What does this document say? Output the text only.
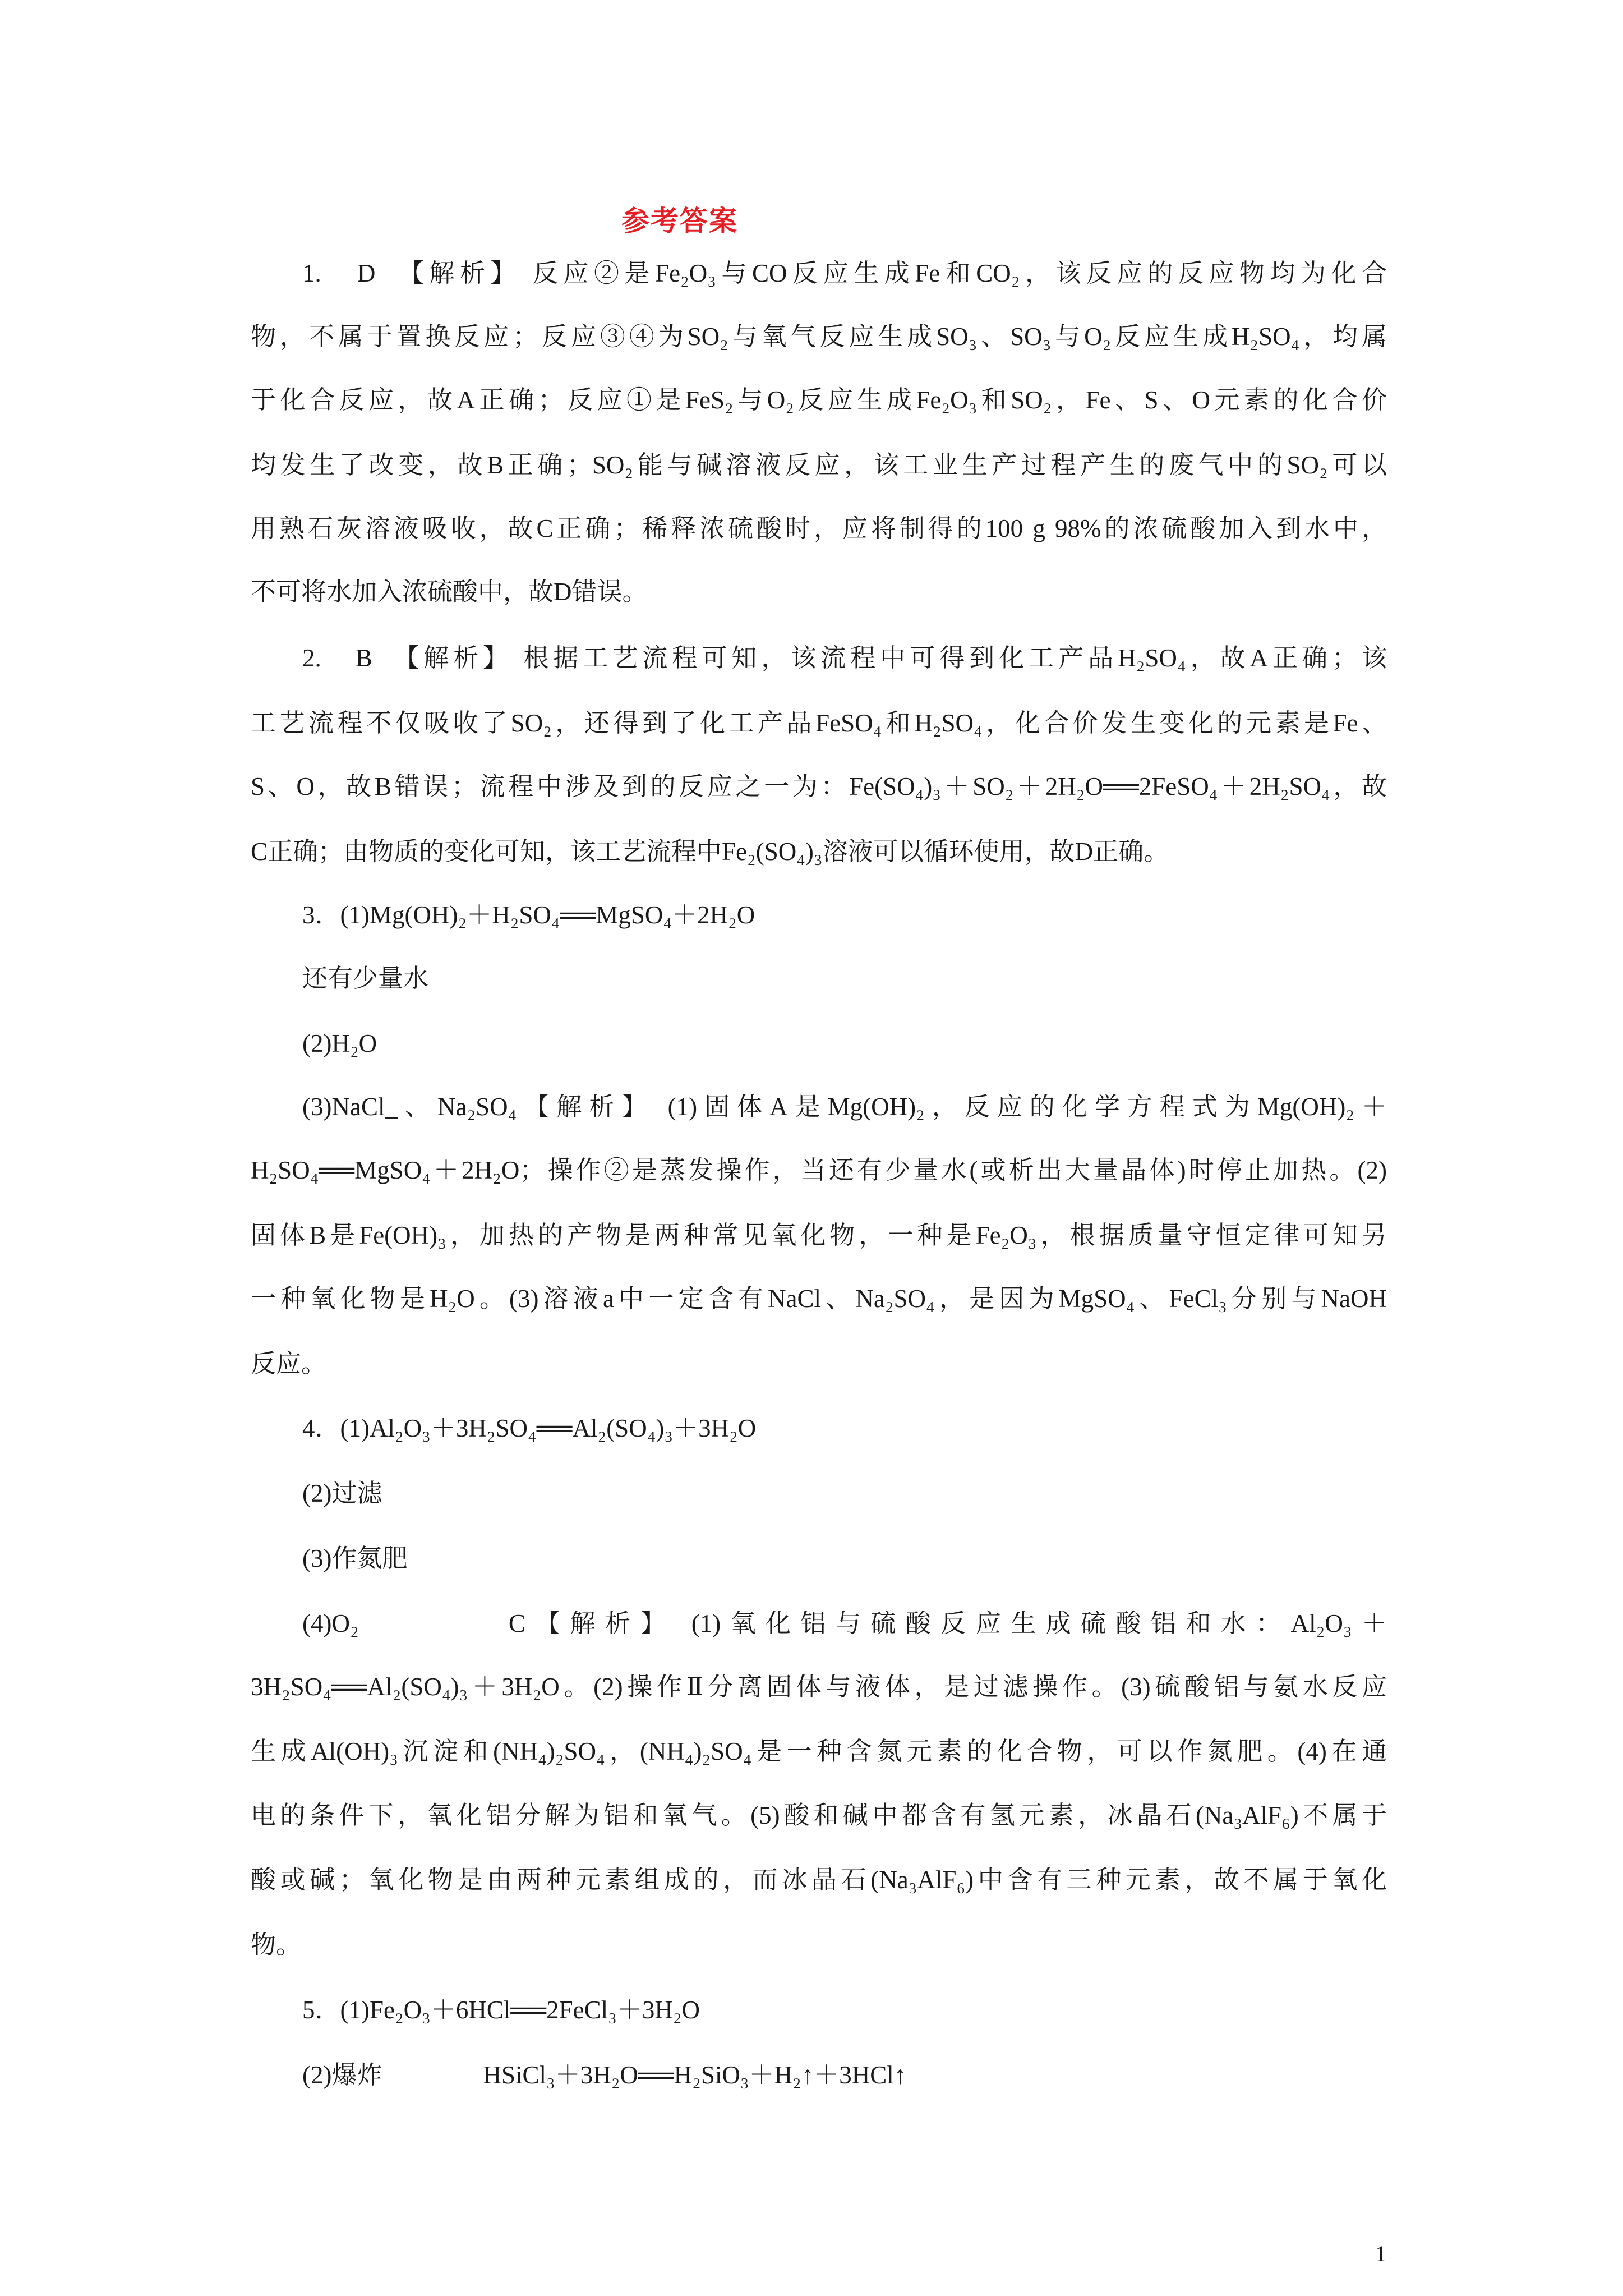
参考答案
1.　D　【解析】 反应②是Fe₂O₃与CO反应生成Fe和CO₂，该反应的反应物均为化合
物，不属于置换反应；反应③④为SO₂与氧气反应生成SO₃、SO₃与O₂反应生成H₂SO₄，均属
于化合反应，故A正确；反应①是FeS₂与O₂反应生成Fe₂O₃和SO₂，Fe、S、O元素的化合价
均发生了改变，故B正确；SO₂能与碱溶液反应，该工业生产过程产生的废气中的SO₂可以
用熟石灰溶液吸收，故C正确；稀释浓硫酸时，应将制得的100 g 98%的浓硫酸加入到水中，
不可将水加入浓硫酸中，故D错误。
2.　B　【解析】 根据工艺流程可知，该流程中可得到化工产品H₂SO₄，故A正确；该
工艺流程不仅吸收了SO₂，还得到了化工产品FeSO₄和H₂SO₄，化合价发生变化的元素是Fe、
S、O，故B错误；流程中涉及到的反应之一为：Fe(SO₄)₃＋SO₂＋2H₂O══2FeSO₄＋2H₂SO₄，故
C正确；由物质的变化可知，该工艺流程中Fe₂(SO₄)₃溶液可以循环使用，故D正确。
3．(1)Mg(OH)₂＋H₂SO₄══MgSO₄＋2H₂O
还有少量水
(2)H₂O
(3)NaCl_、Na₂SO₄【解析】 (1)固体A是Mg(OH)₂，反应的化学方程式为Mg(OH)₂＋
H₂SO₄══MgSO₄＋2H₂O；操作②是蒸发操作，当还有少量水(或析出大量晶体)时停止加热。(2)
固体B是Fe(OH)₃，加热的产物是两种常见氧化物，一种是Fe₂O₃，根据质量守恒定律可知另
一种氧化物是H₂O。(3)溶液a中一定含有NaCl、Na₂SO₄，是因为MgSO₄、FeCl₃分别与NaOH
反应。
4．(1)Al₂O₃＋3H₂SO₄══Al₂(SO₄)₃＋3H₂O
(2)过滤
(3)作氮肥
(4)O₂　　　　C【解析】 (1)氧化铝与硫酸反应生成硫酸铝和水：Al₂O₃＋
3H₂SO₄══Al₂(SO₄)₃＋3H₂O。(2)操作Ⅱ分离固体与液体，是过滤操作。(3)硫酸铝与氨水反应
生成Al(OH)₃沉淀和(NH₄)₂SO₄，(NH₄)₂SO₄是一种含氮元素的化合物，可以作氮肥。(4)在通
电的条件下，氧化铝分解为铝和氧气。(5)酸和碱中都含有氢元素，冰晶石(Na₃AlF₆)不属于
酸或碱；氧化物是由两种元素组成的，而冰晶石(Na₃AlF₆)中含有三种元素，故不属于氧化
物。
5．(1)Fe₂O₃＋6HCl══2FeCl₃＋3H₂O
(2)爆炸　　　　HSiCl₃＋3H₂O══H₂SiO₃＋H₂↑＋3HCl↑
1
